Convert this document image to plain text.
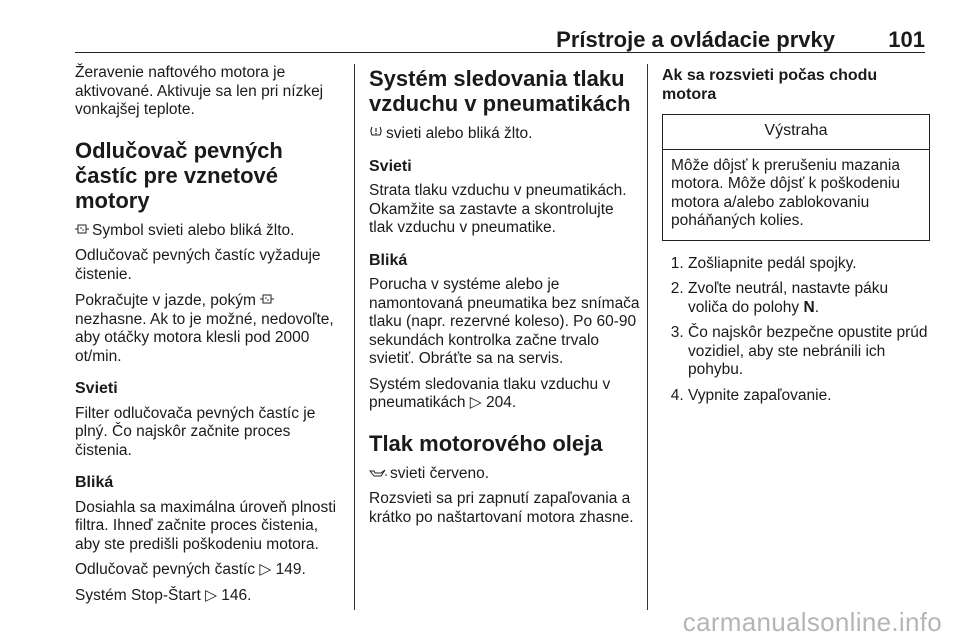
Prístroje a ovládacie prvky 101

Žeravenie naftového motora je aktivované. Aktivuje sa len pri nízkej vonkajšej teplote.

Odlučovač pevných častíc pre vznetové motory

Symbol svieti alebo bliká žlto.

Odlučovač pevných častíc vyžaduje čistenie.

Pokračujte v jazde, pokým  nezhasne. Ak to je možné, nedovoľte, aby otáčky motora klesli pod 2000 ot/min.

Svieti

Filter odlučovača pevných častíc je plný. Čo najskôr začnite proces čistenia.

Bliká

Dosiahla sa maximálna úroveň plnosti filtra. Ihneď začnite proces čistenia, aby ste predišli poškodeniu motora.

Odlučovač pevných častíc ▷ 149.

Systém Stop-Štart ▷ 146.

Systém sledovania tlaku vzduchu v pneumatikách

svieti alebo bliká žlto.

Svieti

Strata tlaku vzduchu v pneumatikách. Okamžite sa zastavte a skontrolujte tlak vzduchu v pneumatike.

Bliká

Porucha v systéme alebo je namontovaná pneumatika bez snímača tlaku (napr. rezervné koleso). Po 60-90 sekundách kontrolka začne trvalo svietiť. Obráťte sa na servis.

Systém sledovania tlaku vzduchu v pneumatikách ▷ 204.

Tlak motorového oleja

svieti červeno.

Rozsvieti sa pri zapnutí zapaľovania a krátko po naštartovaní motora zhasne.

Ak sa rozsvieti počas chodu motora
Výstraha
Môže dôjsť k prerušeniu mazania motora. Môže dôjsť k poškodeniu motora a/alebo zablokovaniu poháňaných kolies.
1. Zošliapnite pedál spojky.
2. Zvoľte neutrál, nastavte páku voliča do polohy N.
3. Čo najskôr bezpečne opustite prúd vozidiel, aby ste nebránili ich pohybu.
4. Vypnite zapaľovanie.
carmanualsonline.info
